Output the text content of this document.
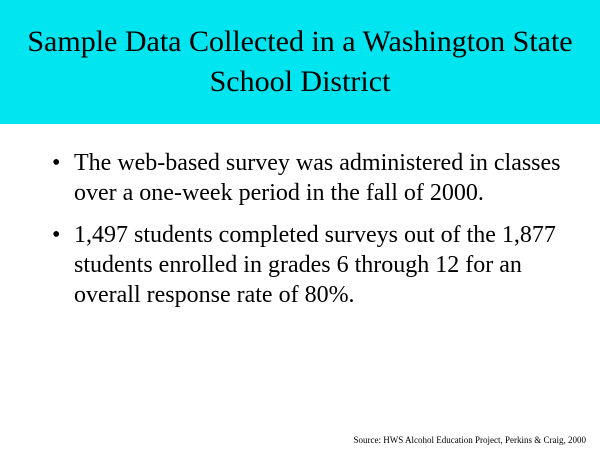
Sample Data Collected in a Washington State School District
• The web-based survey was administered in classes over a one-week period in the fall of 2000.
• 1,497 students completed surveys out of the 1,877 students enrolled in grades 6 through 12 for an overall response rate of 80%.
Source: HWS Alcohol Education Project, Perkins & Craig, 2000
